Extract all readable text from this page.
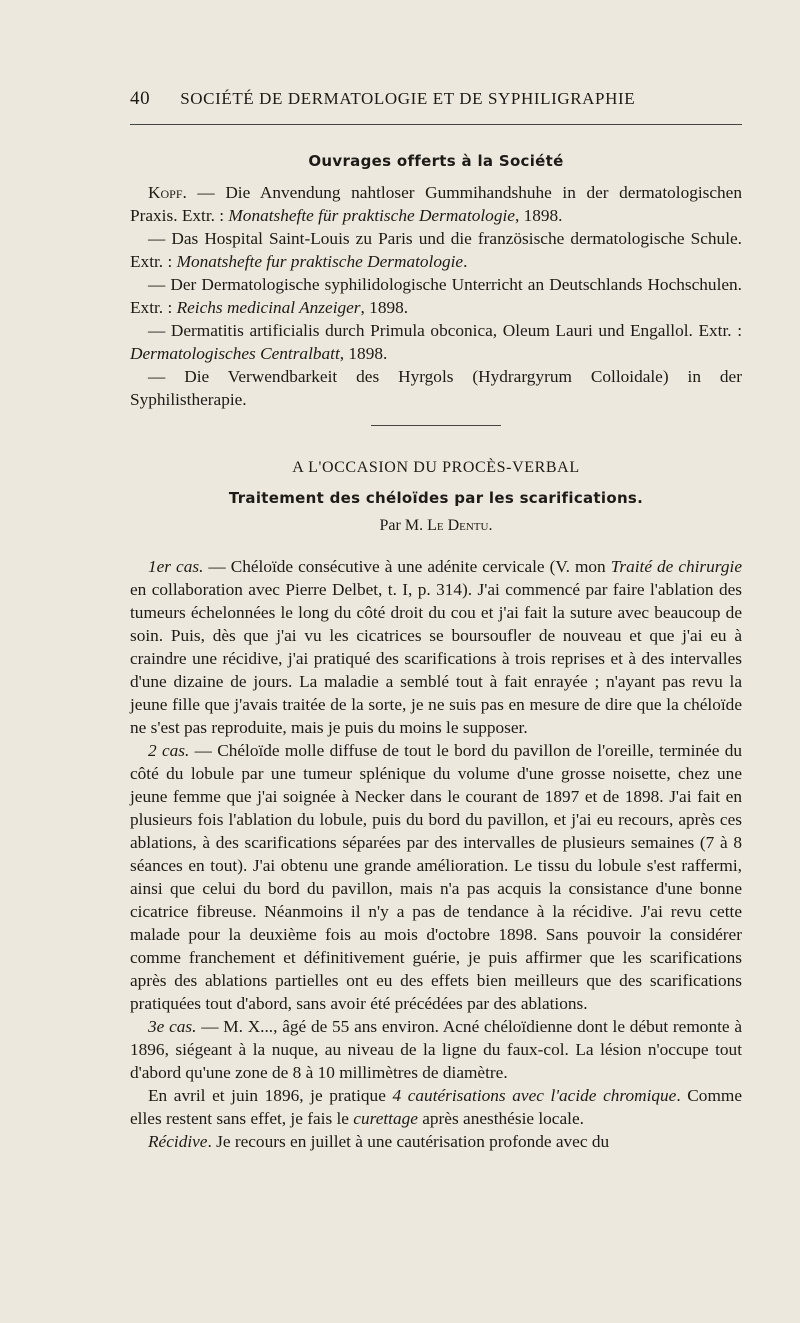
40 SOCIÉTÉ DE DERMATOLOGIE ET DE SYPHILIGRAPHIE
Ouvrages offerts à la Société

Kopf. — Die Anvendung nahtloser Gummihandshuhe in der dermatologischen Praxis. Extr. : Monatshefte für praktische Dermatologie, 1898.

— Das Hospital Saint-Louis zu Paris und die französische dermatologische Schule. Extr. : Monatshefte fur praktische Dermatologie.

— Der Dermatologische syphilidologische Unterricht an Deutschlands Hochschulen. Extr. : Reichs medicinal Anzeiger, 1898.

— Dermatitis artificialis durch Primula obconica, Oleum Lauri und Engallol. Extr. : Dermatologisches Centralbatt, 1898.

— Die Verwendbarkeit des Hyrgols (Hydrargyrum Colloidale) in der Syphilistherapie.

A L'OCCASION DU PROCÈS-VERBAL
Traitement des chéloïdes par les scarifications.
Par M. Le Dentu.

1er cas. — Chéloïde consécutive à une adénite cervicale (V. mon Traité de chirurgie en collaboration avec Pierre Delbet, t. I, p. 314). J'ai commencé par faire l'ablation des tumeurs échelonnées le long du côté droit du cou et j'ai fait la suture avec beaucoup de soin. Puis, dès que j'ai vu les cicatrices se boursoufler de nouveau et que j'ai eu à craindre une récidive, j'ai pratiqué des scarifications à trois reprises et à des intervalles d'une dizaine de jours. La maladie a semblé tout à fait enrayée ; n'ayant pas revu la jeune fille que j'avais traitée de la sorte, je ne suis pas en mesure de dire que la chéloïde ne s'est pas reproduite, mais je puis du moins le supposer.

2 cas. — Chéloïde molle diffuse de tout le bord du pavillon de l'oreille, terminée du côté du lobule par une tumeur splénique du volume d'une grosse noisette, chez une jeune femme que j'ai soignée à Necker dans le courant de 1897 et de 1898. J'ai fait en plusieurs fois l'ablation du lobule, puis du bord du pavillon, et j'ai eu recours, après ces ablations, à des scarifications séparées par des intervalles de plusieurs semaines (7 à 8 séances en tout). J'ai obtenu une grande amélioration. Le tissu du lobule s'est raffermi, ainsi que celui du bord du pavillon, mais n'a pas acquis la consistance d'une bonne cicatrice fibreuse. Néanmoins il n'y a pas de tendance à la récidive. J'ai revu cette malade pour la deuxième fois au mois d'octobre 1898. Sans pouvoir la considérer comme franchement et définitivement guérie, je puis affirmer que les scarifications après des ablations partielles ont eu des effets bien meilleurs que des scarifications pratiquées tout d'abord, sans avoir été précédées par des ablations.

3e cas. — M. X..., âgé de 55 ans environ. Acné chéloïdienne dont le début remonte à 1896, siégeant à la nuque, au niveau de la ligne du faux-col. La lésion n'occupe tout d'abord qu'une zone de 8 à 10 millimètres de diamètre.

En avril et juin 1896, je pratique 4 cautérisations avec l'acide chromique. Comme elles restent sans effet, je fais le curettage après anesthésie locale.

Récidive. Je recours en juillet à une cautérisation profonde avec du
